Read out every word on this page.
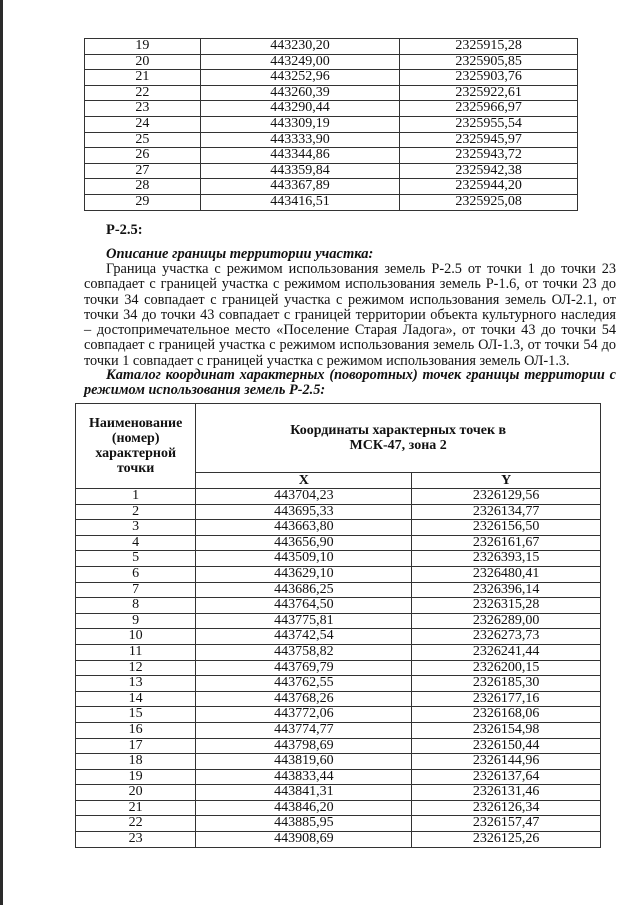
19	443230,20	2325915,28
20	443249,00	2325905,85
21	443252,96	2325903,76
22	443260,39	2325922,61
23	443290,44	2325966,97
24	443309,19	2325955,54
25	443333,90	2325945,97
26	443344,86	2325943,72
27	443359,84	2325942,38
28	443367,89	2325944,20
29	443416,51	2325925,08
Р-2.5:
Описание границы территории участка:
Граница участка с режимом использования земель Р-2.5 от точки 1 до точки 23 совпадает с границей участка с режимом использования земель Р-1.6, от точки 23 до точки 34 совпадает с границей участка с режимом использования земель ОЛ-2.1, от точки 34 до точки 43 совпадает с границей территории объекта культурного наследия – достопримечательное место «Поселение Старая Ладога», от точки 43 до точки 54 совпадает с границей участка с режимом использования земель ОЛ-1.3, от точки 54 до точки 1 совпадает с границей участка с режимом использования земель ОЛ-1.3.
Каталог координат характерных (поворотных) точек границы территории с режимом использования земель Р-2.5:
Наименование (номер) характерной точки	Координаты характерных точек в МСК-47, зона 2	
	X	Y
1	443704,23	2326129,56
2	443695,33	2326134,77
3	443663,80	2326156,50
4	443656,90	2326161,67
5	443509,10	2326393,15
6	443629,10	2326480,41
7	443686,25	2326396,14
8	443764,50	2326315,28
9	443775,81	2326289,00
10	443742,54	2326273,73
11	443758,82	2326241,44
12	443769,79	2326200,15
13	443762,55	2326185,30
14	443768,26	2326177,16
15	443772,06	2326168,06
16	443774,77	2326154,98
17	443798,69	2326150,44
18	443819,60	2326144,96
19	443833,44	2326137,64
20	443841,31	2326131,46
21	443846,20	2326126,34
22	443885,95	2326157,47
23	443908,69	2326125,26
